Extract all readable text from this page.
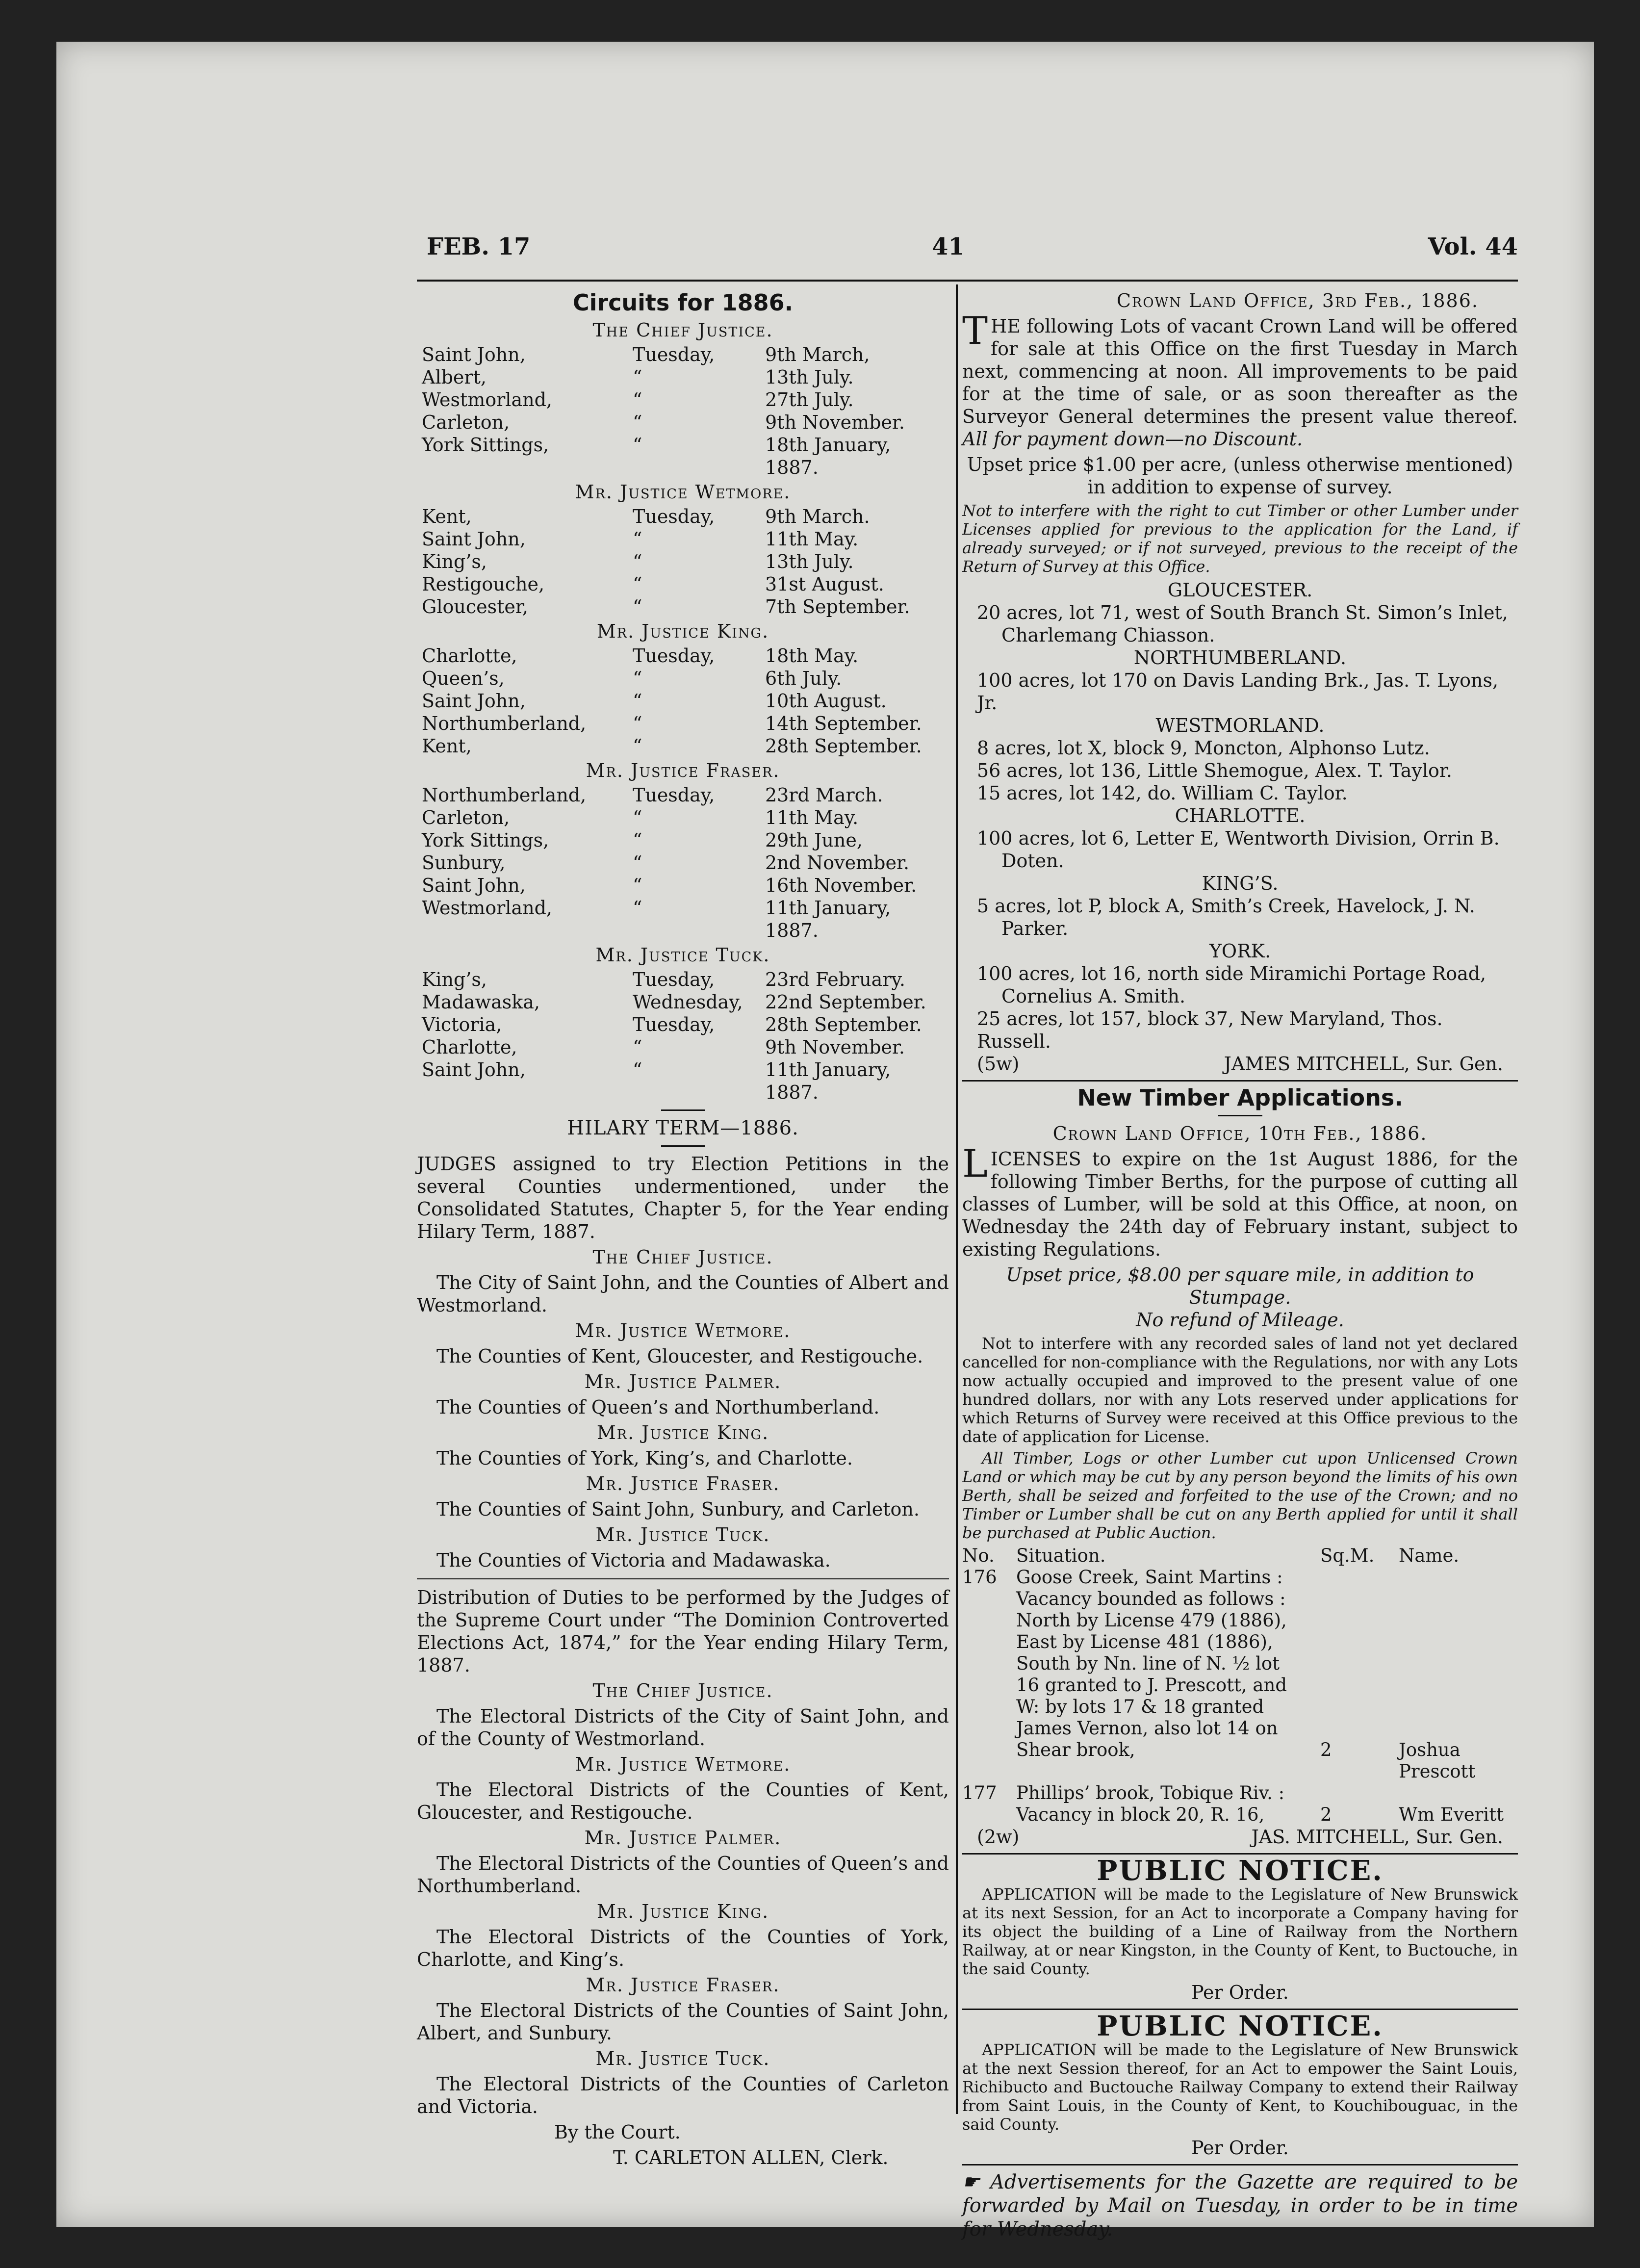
FEB. 17	41	Vol. 44
Circuits for 1886.
The Chief Justice.
Saint John,	Tuesday,	9th March,
Albert,	“	13th July.
Westmorland,	“	27th July.
Carleton,	“	9th November.
York Sittings,	“	18th January, 1887.
Mr. Justice Wetmore.
Kent,	Tuesday,	9th March.
Saint John,	“	11th May.
King’s,	“	13th July.
Restigouche,	“	31st August.
Gloucester,	“	7th September.
Mr. Justice King.
Charlotte,	Tuesday,	18th May.
Queen’s,	“	6th July.
Saint John,	“	10th August.
Northumberland,	“	14th September.
Kent,	“	28th September.
Mr. Justice Fraser.
Northumberland,	Tuesday,	23rd March.
Carleton,	“	11th May.
York Sittings,	“	29th June,
Sunbury,	“	2nd November.
Saint John,	“	16th November.
Westmorland,	“	11th January, 1887.
Mr. Justice Tuck.
King’s,	Tuesday,	23rd February.
Madawaska,	Wednesday,	22nd September.
Victoria,	Tuesday,	28th September.
Charlotte,	“	9th November.
Saint John,	“	11th January, 1887.
HILARY TERM—1886.
JUDGES assigned to try Election Petitions in the several Counties undermentioned, under the Consolidated Statutes, Chapter 5, for the Year ending Hilary Term, 1887.
The Chief Justice.
The City of Saint John, and the Counties of Albert and Westmorland.
Mr. Justice Wetmore.
The Counties of Kent, Gloucester, and Restigouche.
Mr. Justice Palmer.
The Counties of Queen’s and Northumberland.
Mr. Justice King.
The Counties of York, King’s, and Charlotte.
Mr. Justice Fraser.
The Counties of Saint John, Sunbury, and Carleton.
Mr. Justice Tuck.
The Counties of Victoria and Madawaska.
Distribution of Duties to be performed by the Judges of the Supreme Court under “The Dominion Controverted Elections Act, 1874,” for the Year ending Hilary Term, 1887.
The Chief Justice.
The Electoral Districts of the City of Saint John, and of the County of Westmorland.
Mr. Justice Wetmore.
The Electoral Districts of the Counties of Kent, Gloucester, and Restigouche.
Mr. Justice Palmer.
The Electoral Districts of the Counties of Queen’s and Northumberland.
Mr. Justice King.
The Electoral Districts of the Counties of York, Charlotte, and King’s.
Mr. Justice Fraser.
The Electoral Districts of the Counties of Saint John, Albert, and Sunbury.
Mr. Justice Tuck.
The Electoral Districts of the Counties of Carleton and Victoria.
By the Court.
T. CARLETON ALLEN, Clerk.
Crown Land Office, 3rd Feb., 1886.
THE following Lots of vacant Crown Land will be offered for sale at this Office on the first Tuesday in March next, commencing at noon. All improvements to be paid for at the time of sale, or as soon thereafter as the Surveyor General determines the present value thereof. All for payment down—no Discount.
Upset price $1.00 per acre, (unless otherwise mentioned)
in addition to expense of survey.
Not to interfere with the right to cut Timber or other Lumber under Licenses applied for previous to the application for the Land, if already surveyed; or if not surveyed, previous to the receipt of the Return of Survey at this Office.
GLOUCESTER.
20 acres, lot 71, west of South Branch St. Simon’s Inlet,
Charlemang Chiasson.
NORTHUMBERLAND.
100 acres, lot 170 on Davis Landing Brk., Jas. T. Lyons, Jr.
WESTMORLAND.
8 acres, lot X, block 9, Moncton, Alphonso Lutz.
56 acres, lot 136, Little Shemogue, Alex. T. Taylor.
15 acres, lot 142, do. William C. Taylor.
CHARLOTTE.
100 acres, lot 6, Letter E, Wentworth Division, Orrin B.
Doten.
KING’S.
5 acres, lot P, block A, Smith’s Creek, Havelock, J. N.
Parker.
YORK.
100 acres, lot 16, north side Miramichi Portage Road,
Cornelius A. Smith.
25 acres, lot 157, block 37, New Maryland, Thos. Russell.
(5w)	JAMES MITCHELL, Sur. Gen.
New Timber Applications.
Crown Land Office, 10th Feb., 1886.
LICENSES to expire on the 1st August 1886, for the following Timber Berths, for the purpose of cutting all classes of Lumber, will be sold at this Office, at noon, on Wednesday the 24th day of February instant, subject to existing Regulations.
Upset price, $8.00 per square mile, in addition to Stumpage.
No refund of Mileage.
Not to interfere with any recorded sales of land not yet declared cancelled for non-compliance with the Regulations, nor with any Lots now actually occupied and improved to the present value of one hundred dollars, nor with any Lots reserved under applications for which Returns of Survey were received at this Office previous to the date of application for License.
All Timber, Logs or other Lumber cut upon Unlicensed Crown Land or which may be cut by any person beyond the limits of his own Berth, shall be seized and forfeited to the use of the Crown; and no Timber or Lumber shall be cut on any Berth applied for until it shall be purchased at Public Auction.
No.	Situation.	Sq.M.	Name.
176	Goose Creek, Saint Martins :
Vacancy bounded as follows :
North by License 479 (1886),
East by License 481 (1886),
South by Nn. line of N. ½ lot
16 granted to J. Prescott, and
W: by lots 17 & 18 granted
James Vernon, also lot 14 on
Shear brook,	2	Joshua Prescott
177	Phillips’ brook, Tobique Riv. :
Vacancy in block 20, R. 16,	2	Wm Everitt
(2w)	JAS. MITCHELL, Sur. Gen.
PUBLIC NOTICE.
APPLICATION will be made to the Legislature of New Brunswick at its next Session, for an Act to incorporate a Company having for its object the building of a Line of Railway from the Northern Railway, at or near Kingston, in the County of Kent, to Buctouche, in the said County.
Per Order.
PUBLIC NOTICE.
APPLICATION will be made to the Legislature of New Brunswick at the next Session thereof, for an Act to empower the Saint Louis, Richibucto and Buctouche Railway Company to extend their Railway from Saint Louis, in the County of Kent, to Kouchibouguac, in the said County.
Per Order.
☛ Advertisements for the Gazette are required to be forwarded by Mail on Tuesday, in order to be in time for Wednesday.
